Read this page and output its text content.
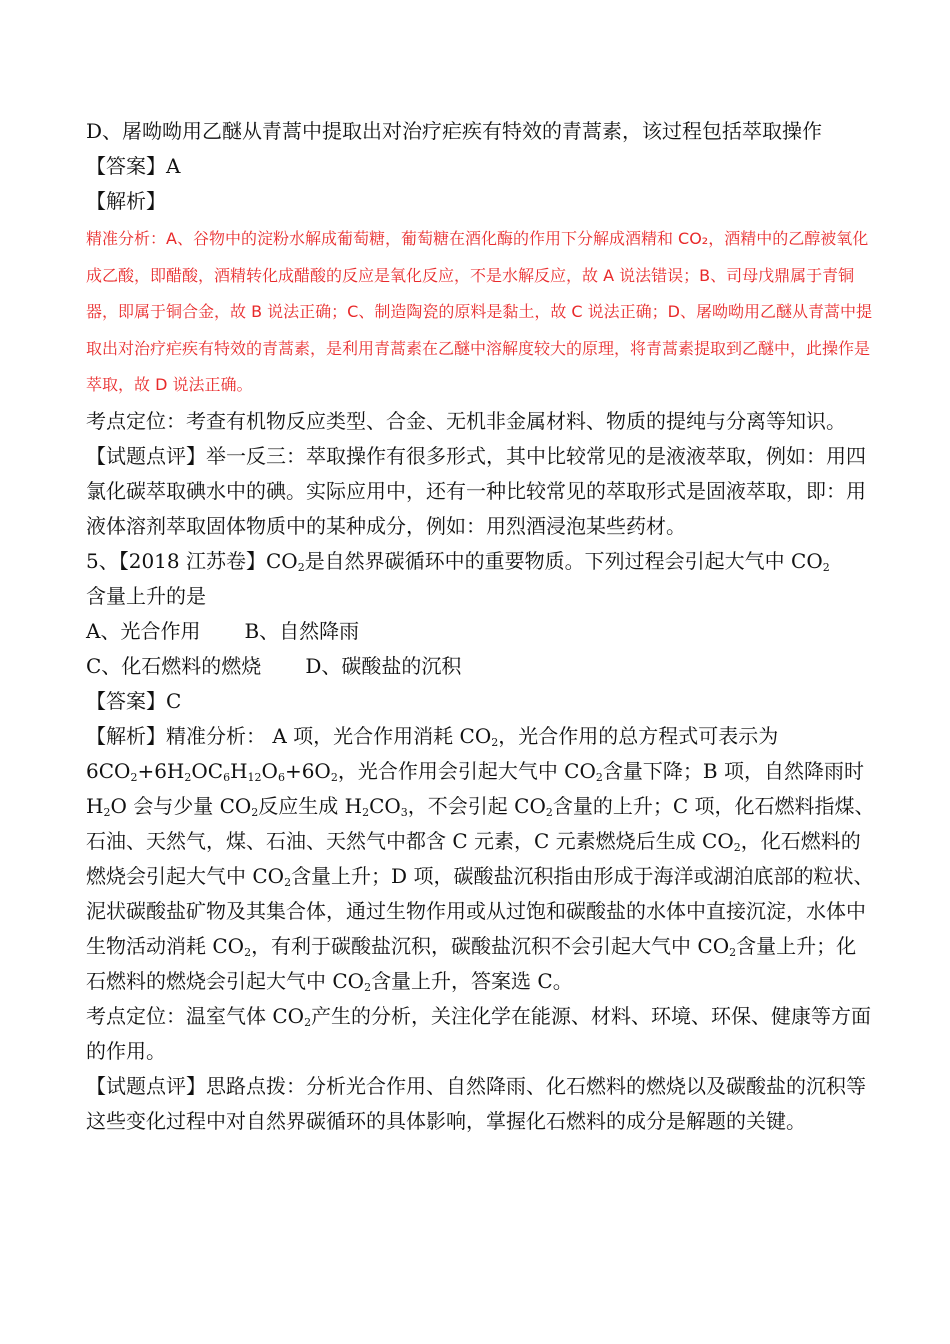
D、屠呦呦用乙醚从青蒿中提取出对治疗疟疾有特效的青蒿素，该过程包括萃取操作

【答案】A

【解析】

精准分析：A、谷物中的淀粉水解成葡萄糖，葡萄糖在酒化酶的作用下分解成酒精和 CO₂，酒精中的乙醇被氧化成乙酸，即醋酸，酒精转化成醋酸的反应是氧化反应，不是水解反应，故 A 说法错误；B、司母戊鼎属于青铜器，即属于铜合金，故 B 说法正确；C、制造陶瓷的原料是黏土，故 C 说法正确；D、屠呦呦用乙醚从青蒿中提取出对治疗疟疾有特效的青蒿素，是利用青蒿素在乙醚中溶解度较大的原理，将青蒿素提取到乙醚中，此操作是萃取，故 D 说法正确。

考点定位：考查有机物反应类型、合金、无机非金属材料、物质的提纯与分离等知识。

【试题点评】举一反三：萃取操作有很多形式，其中比较常见的是液液萃取，例如：用四氯化碳萃取碘水中的碘。实际应用中，还有一种比较常见的萃取形式是固液萃取，即：用液体溶剂萃取固体物质中的某种成分，例如：用烈酒浸泡某些药材。

5、【2018 江苏卷】$CO_2$是自然界碳循环中的重要物质。下列过程会引起大气中 $CO_2$
含量上升的是

A、光合作用 B、自然降雨

C、化石燃料的燃烧 D、碳酸盐的沉积

【答案】C

【解析】精准分析： A 项，光合作用消耗 $CO_2$，光合作用的总方程式可表示为 $6CO_2+6H_2OC_6H_{12}O_6+6O_2$，光合作用会引起大气中 $CO_2$含量下降；B 项，自然降雨时 $H_2O$ 会与少量 $CO_2$反应生成 $H_2CO_3$，不会引起 $CO_2$含量的上升；C 项，化石燃料指煤、石油、天然气，煤、石油、天然气中都含 C 元素，C 元素燃烧后生成 $CO_2$，化石燃料的燃烧会引起大气中 $CO_2$含量上升；D 项，碳酸盐沉积指由形成于海洋或湖泊底部的粒状、泥状碳酸盐矿物及其集合体，通过生物作用或从过饱和碳酸盐的水体中直接沉淀，水体中生物活动消耗 $CO_2$，有利于碳酸盐沉积，碳酸盐沉积不会引起大气中 $CO_2$含量上升；化石燃料的燃烧会引起大气中 $CO_2$含量上升，答案选 C。

考点定位：温室气体 $CO_2$产生的分析，关注化学在能源、材料、环境、环保、健康等方面的作用。

【试题点评】思路点拨：分析光合作用、自然降雨、化石燃料的燃烧以及碳酸盐的沉积等这些变化过程中对自然界碳循环的具体影响，掌握化石燃料的成分是解题的关键。
